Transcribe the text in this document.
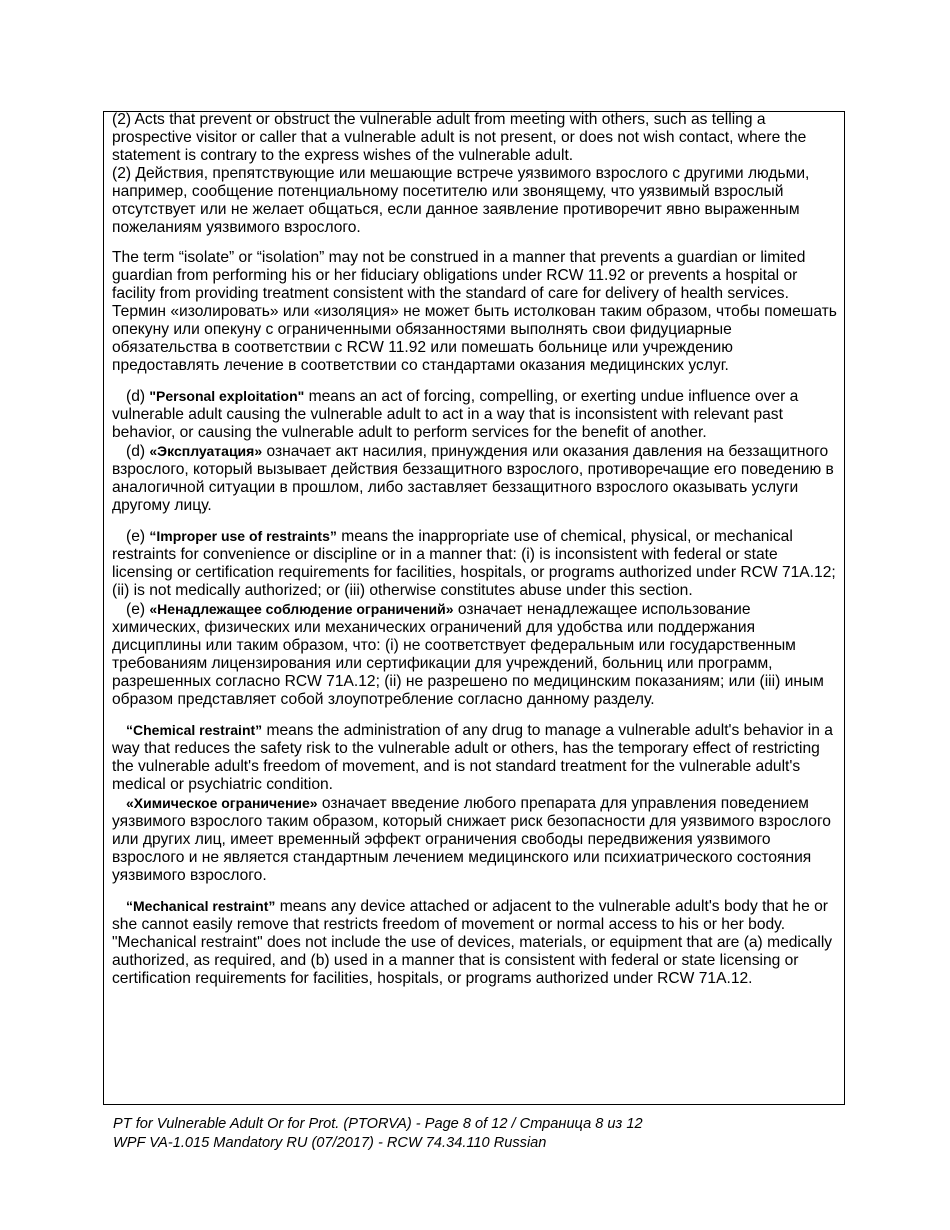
(2) Acts that prevent or obstruct the vulnerable adult from meeting with others, such as telling a prospective visitor or caller that a vulnerable adult is not present, or does not wish contact, where the statement is contrary to the express wishes of the vulnerable adult.

(2) Действия, препятствующие или мешающие встрече уязвимого взрослого с другими людьми, например, сообщение потенциальному посетителю или звонящему, что уязвимый взрослый отсутствует или не желает общаться, если данное заявление противоречит явно выраженным пожеланиям уязвимого взрослого.

The term “isolate” or “isolation” may not be construed in a manner that prevents a guardian or limited guardian from performing his or her fiduciary obligations under RCW 11.92 or prevents a hospital or facility from providing treatment consistent with the standard of care for delivery of health services.

Термин «изолировать» или «изоляция» не может быть истолкован таким образом, чтобы помешать опекуну или опекуну с ограниченными обязанностями выполнять свои фидуциарные обязательства в соответствии с RCW 11.92 или помешать больнице или учреждению предоставлять лечение в соответствии со стандартами оказания медицинских услуг.

(d) "Personal exploitation" means an act of forcing, compelling, or exerting undue influence over a vulnerable adult causing the vulnerable adult to act in a way that is inconsistent with relevant past behavior, or causing the vulnerable adult to perform services for the benefit of another.

(d) «Эксплуатация» означает акт насилия, принуждения или оказания давления на беззащитного взрослого, который вызывает действия беззащитного взрослого, противоречащие его поведению в аналогичной ситуации в прошлом, либо заставляет беззащитного взрослого оказывать услуги другому лицу.

(e) “Improper use of restraints” means the inappropriate use of chemical, physical, or mechanical restraints for convenience or discipline or in a manner that: (i) is inconsistent with federal or state licensing or certification requirements for facilities, hospitals, or programs authorized under RCW 71A.12; (ii) is not medically authorized; or (iii) otherwise constitutes abuse under this section.

(e) «Ненадлежащее соблюдение ограничений» означает ненадлежащее использование химических, физических или механических ограничений для удобства или поддержания дисциплины или таким образом, что: (i) не соответствует федеральным или государственным требованиям лицензирования или сертификации для учреждений, больниц или программ, разрешенных согласно RCW 71A.12; (ii) не разрешено по медицинским показаниям; или (iii) иным образом представляет собой злоупотребление согласно данному разделу.

“Chemical restraint” means the administration of any drug to manage a vulnerable adult's behavior in a way that reduces the safety risk to the vulnerable adult or others, has the temporary effect of restricting the vulnerable adult's freedom of movement, and is not standard treatment for the vulnerable adult's medical or psychiatric condition.

«Химическое ограничение» означает введение любого препарата для управления поведением уязвимого взрослого таким образом, который снижает риск безопасности для уязвимого взрослого или других лиц, имеет временный эффект ограничения свободы передвижения уязвимого взрослого и не является стандартным лечением медицинского или психиатрического состояния уязвимого взрослого.

“Mechanical restraint” means any device attached or adjacent to the vulnerable adult's body that he or she cannot easily remove that restricts freedom of movement or normal access to his or her body. "Mechanical restraint" does not include the use of devices, materials, or equipment that are (a) medically authorized, as required, and (b) used in a manner that is consistent with federal or state licensing or certification requirements for facilities, hospitals, or programs authorized under RCW 71A.12.

PT for Vulnerable Adult Or for Prot. (PTORVA) - Page 8 of 12 / Страница 8 из 12

WPF VA-1.015 Mandatory RU (07/2017) - RCW 74.34.110 Russian
